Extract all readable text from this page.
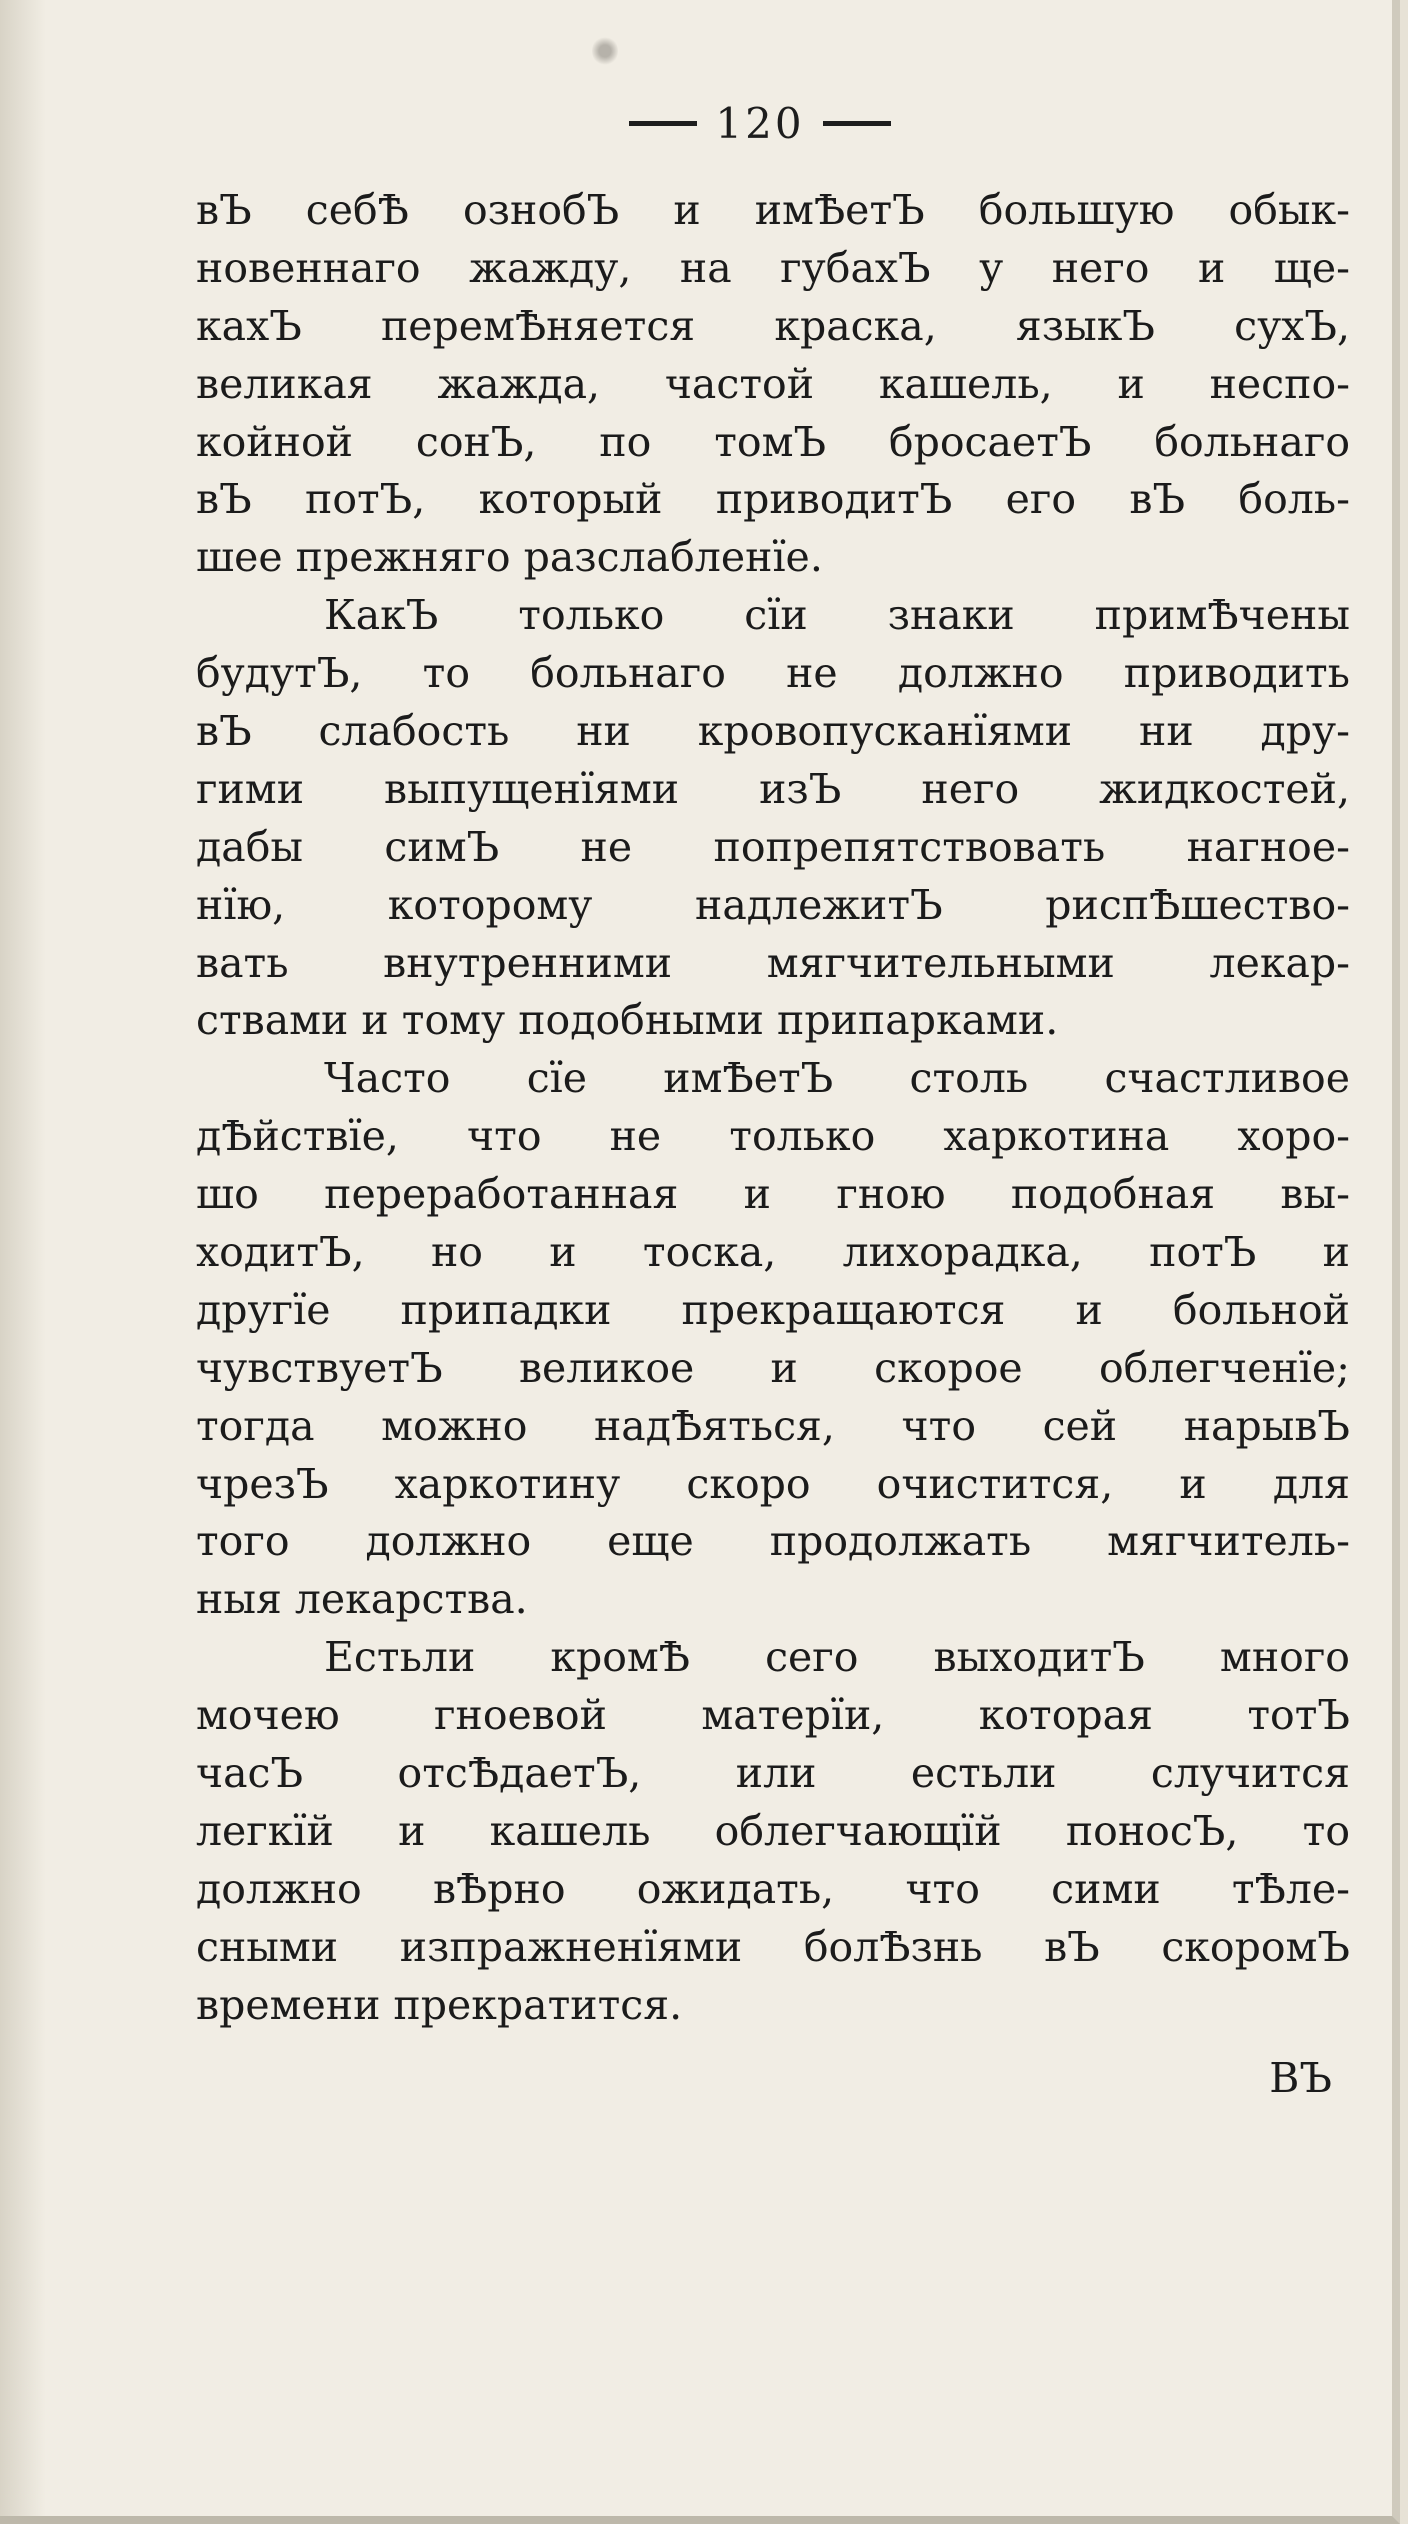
120
вЪ себѢ ознобЪ и имѢетЪ большую обык-
новеннаго жажду, на губахЪ у него и ще-
кахЪ перемѢняется краска, языкЪ сухЪ,
великая жажда, частой кашель, и неспо-
койной сонЪ, по томЪ бросаетЪ больнаго
вЪ потЪ, который приводитЪ его вЪ боль-
шее прежняго разслабленїе.
КакЪ только сїи знаки примѢчены
будутЪ, то больнаго не должно приводить
вЪ слабость ни кровопусканїями ни дру-
гими выпущенїями изЪ него жидкостей,
дабы симЪ не попрепятствовать нагное-
нїю, которому надлежитЪ риспѢшество-
вать внутренними мягчительными лекар-
ствами и тому подобными припарками.
Часто сїе имѢетЪ столь счастливое
дѢйствїе, что не только харкотина хоро-
шо переработанная и гною подобная вы-
ходитЪ, но и тоска, лихорадка, потЪ и
другїе припадки прекращаются и больной
чувствуетЪ великое и скорое облегченїе;
тогда можно надѢяться, что сей нарывЪ
чрезЪ харкотину скоро очистится, и для
того должно еще продолжать мягчитель-
ныя лекарства.
Естьли кромѢ сего выходитЪ много
мочею гноевой матерїи, которая тотЪ
часЪ отсѢдаетЪ, или естьли случится
легкїй и кашель облегчающїй поносЪ, то
должно вѢрно ожидать, что сими тѢле-
сными изпражненїями болѢзнь вЪ скоромЪ
времени прекратится.
ВЪ
